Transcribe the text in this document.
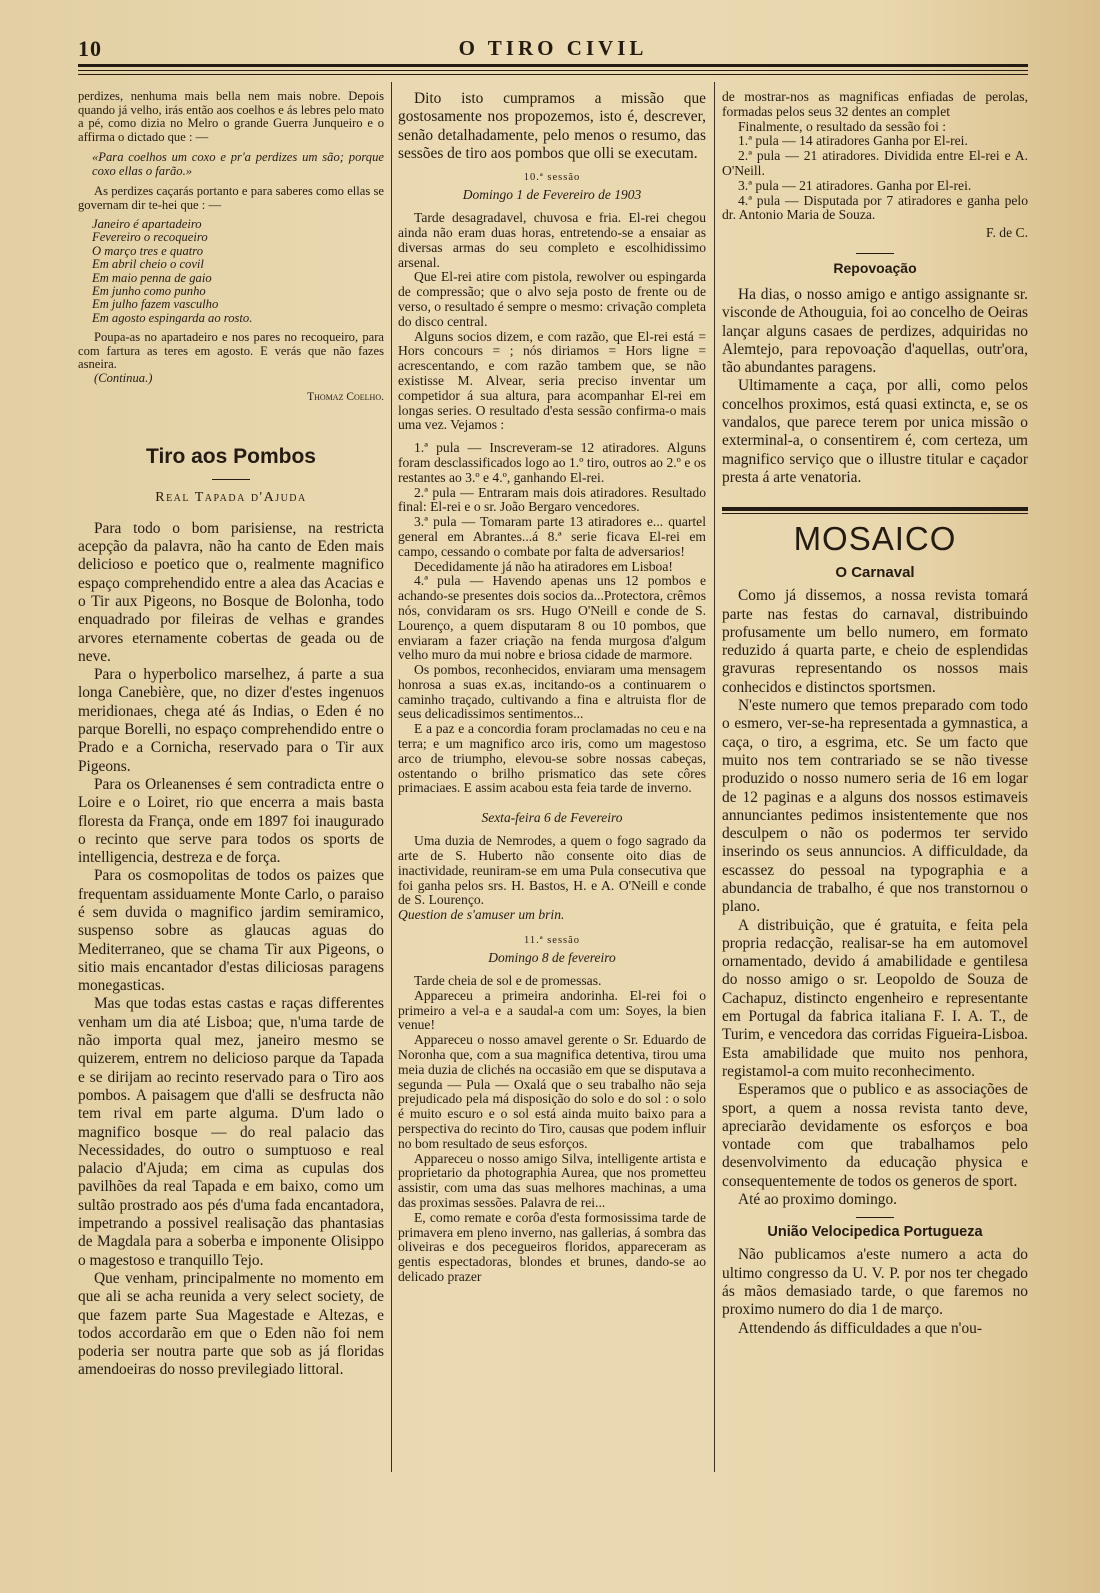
O TIRO CIVIL
10

perdizes, nenhuma mais bella nem mais nobre. Depois quando já velho, irás então aos coelhos e ás lebres pelo mato a pé, como dizia no Melro o grande Guerra Junqueiro e o affirma o dictado que : —

«Para coelhos um coxo e pr'a perdizes um são; porque coxo ellas o farão.»

As perdizes caçarás portanto e para saberes como ellas se governam dir te-hei que : —

Janeiro é apartadeiro
Fevereiro o recoqueiro
O março tres e quatro
Em abril cheio o covil
Em maio penna de gaio
Em junho como punho
Em julho fazem vasculho
Em agosto espingarda ao rosto.

Poupa-as no apartadeiro e nos pares no recoqueiro, para com fartura as teres em agosto. E verás que não fazes asneira.

(Continua.)

Thomaz Coelho.

Tiro aos Pombos
Real Tapada d'Ajuda

Para todo o bom parisiense, na restricta acepção da palavra, não ha canto de Eden mais delicioso e poetico que o, realmente magnifico espaço comprehendido entre a alea das Acacias e o Tir aux Pigeons, no Bosque de Bolonha, todo enquadrado por fileiras de velhas e grandes arvores eternamente cobertas de geada ou de neve.

Para o hyperbolico marselhez, á parte a sua longa Canebière, que, no dizer d'estes ingenuos meridionaes, chega até ás Indias, o Eden é no parque Borelli, no espaço comprehendido entre o Prado e a Cornicha, reservado para o Tir aux Pigeons.

Para os Orleanenses é sem contradicta entre o Loire e o Loiret, rio que encerra a mais basta floresta da França, onde em 1897 foi inaugurado o recinto que serve para todos os sports de intelligencia, destreza e de força.

Para os cosmopolitas de todos os paizes que frequentam assiduamente Monte Carlo, o paraiso é sem duvida o magnifico jardim semiramico, suspenso sobre as glaucas aguas do Mediterraneo, que se chama Tir aux Pigeons, o sitio mais encantador d'estas diliciosas paragens monegasticas.

Mas que todas estas castas e raças differentes venham um dia até Lisboa; que, n'uma tarde de não importa qual mez, janeiro mesmo se quizerem, entrem no delicioso parque da Tapada e se dirijam ao recinto reservado para o Tiro aos pombos. A paisagem que d'alli se desfructa não tem rival em parte alguma. D'um lado o magnifico bosque — do real palacio das Necessidades, do outro o sumptuoso e real palacio d'Ajuda; em cima as cupulas dos pavilhões da real Tapada e em baixo, como um sultão prostrado aos pés d'uma fada encantadora, impetrando a possivel realisação das phantasias de Magdala para a soberba e imponente Olisippo o magestoso e tranquillo Tejo.

Que venham, principalmente no momento em que ali se acha reunida a very select society, de que fazem parte Sua Magestade e Altezas, e todos accordarão em que o Eden não foi nem poderia ser noutra parte que sob as já floridas amendoeiras do nosso previlegiado littoral.

Dito isto cumpramos a missão que gostosamente nos propozemos, isto é, descrever, senão detalhadamente, pelo menos o resumo, das sessões de tiro aos pombos que olli se executam.

10.ª sessão
Domingo 1 de Fevereiro de 1903

Tarde desagradavel, chuvosa e fria. El-rei chegou ainda não eram duas horas, entretendo-se a ensaiar as diversas armas do seu completo e escolhidissimo arsenal.

Que El-rei atire com pistola, rewolver ou espingarda de compressão; que o alvo seja posto de frente ou de verso, o resultado é sempre o mesmo: crivação completa do disco central.

Alguns socios dizem, e com razão, que El-rei está = Hors concours = ; nós diriamos = Hors ligne = acrescentando, e com razão tambem que, se não existisse M. Alvear, seria preciso inventar um competidor á sua altura, para acompanhar El-rei em longas series. O resultado d'esta sessão confirma-o mais uma vez. Vejamos :

1.ª pula — Inscreveram-se 12 atiradores. Alguns foram desclassificados logo ao 1.º tiro, outros ao 2.º e os restantes ao 3.º e 4.º, ganhando El-rei.

2.ª pula — Entraram mais dois atiradores. Resultado final: El-rei e o sr. João Bergaro vencedores.

3.ª pula — Tomaram parte 13 atiradores e... quartel general em Abrantes...á 8.ª serie ficava El-rei em campo, cessando o combate por falta de adversarios!

Decedidamente já não ha atiradores em Lisboa!

4.ª pula — Havendo apenas uns 12 pombos e achando-se presentes dois socios da...Protectora, crêmos nós, convidaram os srs. Hugo O'Neill e conde de S. Lourenço, a quem disputaram 8 ou 10 pombos, que enviaram a fazer criação na fenda murgosa d'algum velho muro da mui nobre e briosa cidade de marmore.

Os pombos, reconhecidos, enviaram uma mensagem honrosa a suas ex.as, incitando-os a continuarem o caminho traçado, cultivando a fina e altruista flor de seus delicadissimos sentimentos...

E a paz e a concordia foram proclamadas no ceu e na terra; e um magnifico arco iris, como um magestoso arco de triumpho, elevou-se sobre nossas cabeças, ostentando o brilho prismatico das sete côres primaciaes. E assim acabou esta feia tarde de inverno.

Sexta-feira 6 de Fevereiro

Uma duzia de Nemrodes, a quem o fogo sagrado da arte de S. Huberto não consente oito dias de inactividade, reuniram-se em uma Pula consecutiva que foi ganha pelos srs. H. Bastos, H. e A. O'Neill e conde de S. Lourenço.

Question de s'amuser um brin.

11.ª sessão
Domingo 8 de fevereiro

Tarde cheia de sol e de promessas.

Appareceu a primeira andorinha. El-rei foi o primeiro a vel-a e a saudal-a com um: Soyes, la bien venue!

Appareceu o nosso amavel gerente o Sr. Eduardo de Noronha que, com a sua magnifica detentiva, tirou uma meia duzia de clichés na occasião em que se disputava a segunda — Pula — Oxalá que o seu trabalho não seja prejudicado pela má disposição do solo e do sol : o solo é muito escuro e o sol está ainda muito baixo para a perspectiva do recinto do Tiro, causas que podem influir no bom resultado de seus esforços.

Appareceu o nosso amigo Silva, intelligente artista e proprietario da photographia Aurea, que nos prometteu assistir, com uma das suas melhores machinas, a uma das proximas sessões. Palavra de rei...

E, como remate e corôa d'esta formosissima tarde de primavera em pleno inverno, nas gallerias, á sombra das oliveiras e dos pecegueiros floridos, appareceram as gentis espectadoras, blondes et brunes, dando-se ao delicado prazer

de mostrar-nos as magnificas enfiadas de perolas, formadas pelos seus 32 dentes an complet

Finalmente, o resultado da sessão foi :

1.ª pula — 14 atiradores Ganha por El-rei.

2.ª pula — 21 atiradores. Dividida entre El-rei e A. O'Neill.

3.ª pula — 21 atiradores. Ganha por El-rei.

4.ª pula — Disputada por 7 atiradores e ganha pelo dr. Antonio Maria de Souza.

F. de C.

Repovoação

Ha dias, o nosso amigo e antigo assignante sr. visconde de Athouguia, foi ao concelho de Oeiras lançar alguns casaes de perdizes, adquiridas no Alemtejo, para repovoação d'aquellas, outr'ora, tão abundantes paragens.

Ultimamente a caça, por alli, como pelos concelhos proximos, está quasi extincta, e, se os vandalos, que parece terem por unica missão o exterminal-a, o consentirem é, com certeza, um magnifico serviço que o illustre titular e caçador presta á arte venatoria.

MOSAICO
O Carnaval

Como já dissemos, a nossa revista tomará parte nas festas do carnaval, distribuindo profusamente um bello numero, em formato reduzido á quarta parte, e cheio de esplendidas gravuras representando os nossos mais conhecidos e distinctos sportsmen.

N'este numero que temos preparado com todo o esmero, ver-se-ha representada a gymnastica, a caça, o tiro, a esgrima, etc. Se um facto que muito nos tem contrariado se se não tivesse produzido o nosso numero seria de 16 em logar de 12 paginas e a alguns dos nossos estimaveis annunciantes pedimos insistentemente que nos desculpem o não os podermos ter servido inserindo os seus annuncios. A difficuldade, da escassez do pessoal na typographia e a abundancia de trabalho, é que nos transtornou o plano.

A distribuição, que é gratuita, e feita pela propria redacção, realisar-se ha em automovel ornamentado, devido á amabilidade e gentilesa do nosso amigo o sr. Leopoldo de Souza de Cachapuz, distincto engenheiro e representante em Portugal da fabrica italiana F. I. A. T., de Turim, e vencedora das corridas Figueira-Lisboa. Esta amabilidade que muito nos penhora, registamol-a com muito reconhecimento.

Esperamos que o publico e as associações de sport, a quem a nossa revista tanto deve, apreciarão devidamente os esforços e boa vontade com que trabalhamos pelo desenvolvimento da educação physica e consequentemente de todos os generos de sport.

Até ao proximo domingo.

União Velocipedica Portugueza

Não publicamos a'este numero a acta do ultimo congresso da U. V. P. por nos ter chegado ás mãos demasiado tarde, o que faremos no proximo numero do dia 1 de março.

Attendendo ás difficuldades a que n'ou-
